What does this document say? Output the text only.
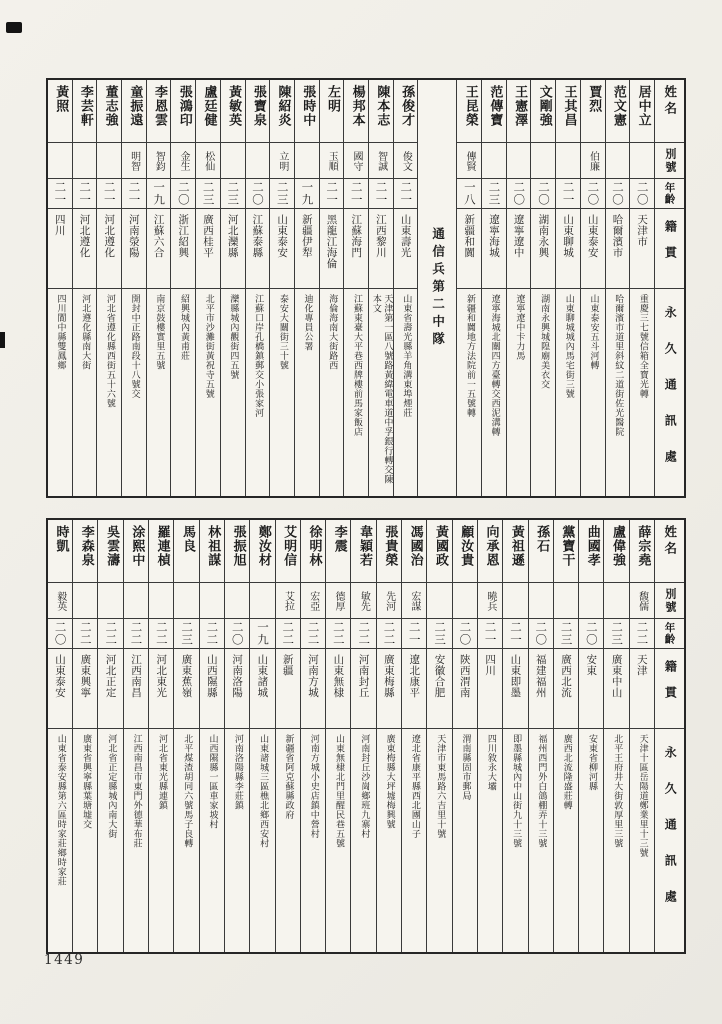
姓名
別號
年齡
籍貫
永久通訊處
居中立
二〇
天津市
重慶三七號信箱全寶光轉
范文憲
二〇
哈爾濱市
哈爾濱市道里斜紋二道街佐光醫院
賈烈
伯廉
二〇
山東泰安
山東泰安五斗河轉
王其昌
二一
山東聊城
山東聊城城內馬宅街三號
文剛強
二〇
湖南永興
湖南永興城隍廟美衣交
王憲澤
二〇
遼寧遼中
遼寧遼中卡力馬
范傳寶
二三
遼寧海城
遼寧海城北關四方臺轉交西泥溝轉
王昆榮
傳賢
一八
新疆和闐
新疆和闐地方法院前一五號轉
通信兵第二中隊
孫俊才
俊文
二一
山東壽光
山東省壽光縣羊角溝東埠煙莊
陳本志
智誠
二一
江西黎川
天津第一區八號路黃緯電車道中孚銀行轉交陳本文
楊邦本
國守
二一
江蘇海門
江蘇東臺大平巷西牌樓前馬家飯店
左明
玉順
二一
黑龍江海倫
海倫海南大街路西
張時中
一九
新疆伊犁
迪化專員公署
陳紹炎
立明
二三
山東泰安
泰安大關街三十號
張寶泉
二〇
江蘇泰縣
江蘇口岸孔橋鎮郵交小張家河
黃敏英
二三
河北灤縣
灤縣城內觀街四五號
盧廷健
松仙
二三
廣西桂平
北平市沙灘街黃祝寺五號
張鴻印
金生
二〇
浙江紹興
紹興城內黃甫莊
李恩雲
智鈞
一九
江蘇六合
南京鼓樓實里五號
童振遠
明智
二一
河南滎陽
開封中正路南段十八號交
董志強
二一
河北遵化
河北省遵化縣西街五十六號
李芸軒
二一
河北遵化
河北遵化縣南大街
黃照
二一
四川
四川閬中縣雙鳳鄉
姓名
別號
年齡
籍貫
永久通訊處
薛宗堯
馥儒
二二
天津
天津十區岳陽道鄭業里十三號
盧偉強
二三
廣東中山
北平王府井大街敦厚里三號
曲國孝
二〇
安東
安東省柳河縣
黨寶干
二三
廣西北流
廣西北流隆盛莊轉
孫石
二〇
福建福州
福州西門外白鴿棚弄十三號
黃祖遜
二一
山東即墨
即墨縣城內中山街九十三號
向承恩
曉兵
二一
四川
四川敘永大壩
顧汝貴
二〇
陝西渭南
渭南縣固市郵局
黃國政
二三
安徽合肥
天津市東馬路六吉里十號
馮國治
宏謀
二一
遼北康平
遼北省康平縣西北團山子
張貴榮
先河
二二
廣東梅縣
廣東梅縣大坪墟梅興號
韋穎若
敏先
二二
河南封丘
河南封丘沙崗鄉班九寨村
李震
德厚
二二
山東無棣
山東無棣北門里醒民巷五號
徐明林
宏亞
二二
河南方城
河南方城小史店鎮中營村
艾明信
艾拉
二二
新疆
新疆省阿克蘇縣政府
鄭汝材
一九
山東諸城
山東諸城三區樵北鄉西安村
張振旭
二〇
河南洛陽
河南洛陽縣李莊鎮
林祖謀
二二
山西隰縣
山西隰縣一區車家坡村
馬良
二三
廣東蕉嶺
北平煤渣胡同六號馬子良轉
羅連楨
二二
河北東光
河北省東光縣連鎮
涂熙中
二二
江西南昌
江西南昌市東門外德華布莊
吳雲濤
二二
河北正定
河北省正定縣城內南大街
李森泉
二二
廣東興寧
廣東省興寧縣葉塘墟交
時凱
毅英
二〇
山東泰安
山東省泰安縣第六區時家莊鄉時家莊
1449
